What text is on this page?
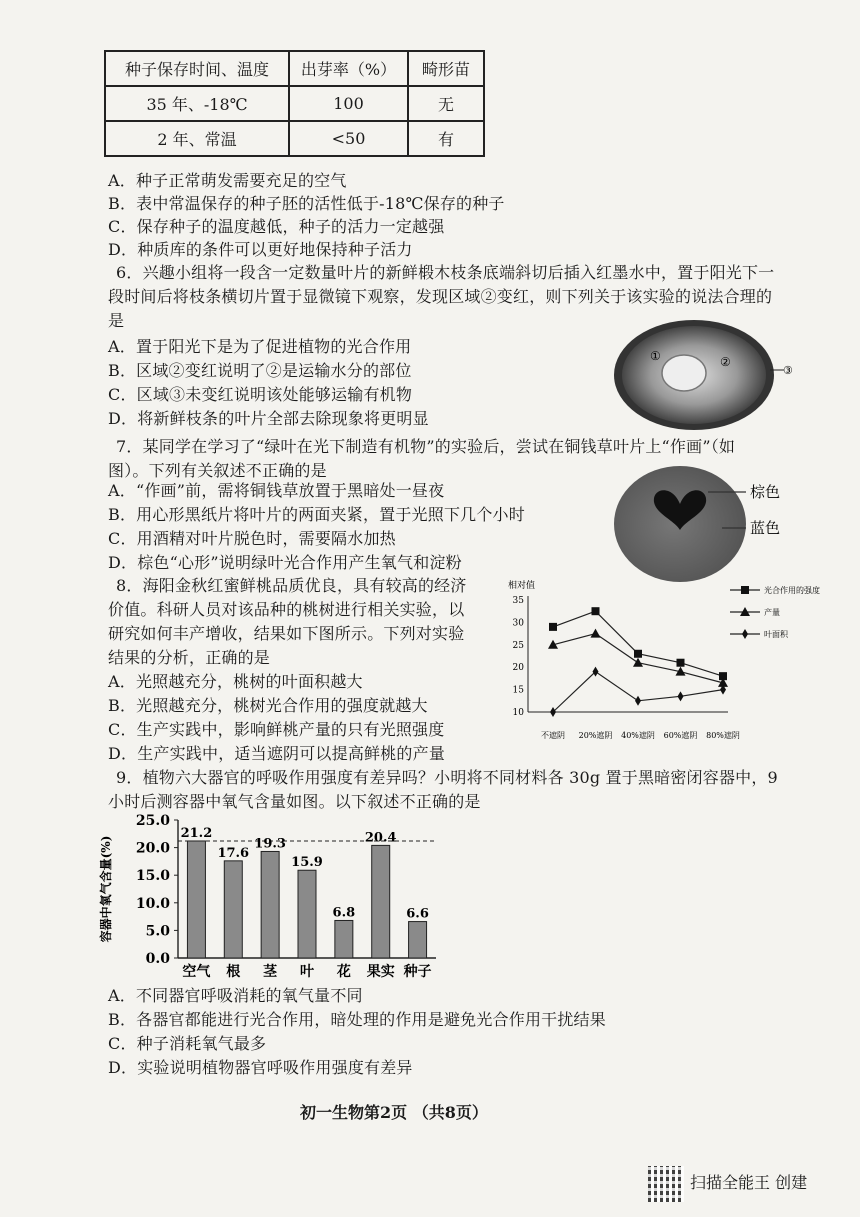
种子保存时间、温度	出芽率（%）	畸形苗
35 年、-18℃	100	无
2 年、常温	<50	有
A．种子正常萌发需要充足的空气
B．表中常温保存的种子胚的活性低于-18℃保存的种子
C．保存种子的温度越低，种子的活力一定越强
D．种质库的条件可以更好地保持种子活力
6．兴趣小组将一段含一定数量叶片的新鲜椴木枝条底端斜切后插入红墨水中，置于阳光下一
段时间后将枝条横切片置于显微镜下观察，发现区域②变红，则下列关于该实验的说法合理的
是
A．置于阳光下是为了促进植物的光合作用
B．区域②变红说明了②是运输水分的部位
C．区域③未变红说明该处能够运输有机物
D．将新鲜枝条的叶片全部去除现象将更明显
①	②
③
7．某同学在学习了“绿叶在光下制造有机物”的实验后，尝试在铜钱草叶片上“作画”（如
图）。下列有关叙述不正确的是
A．“作画”前，需将铜钱草放置于黑暗处一昼夜
B．用心形黑纸片将叶片的两面夹紧，置于光照下几个小时
C．用酒精对叶片脱色时，需要隔水加热
D．棕色“心形”说明绿叶光合作用产生氧气和淀粉
棕色
蓝色
8．海阳金秋红蜜鲜桃品质优良，具有较高的经济
价值。科研人员对该品种的桃树进行相关实验，以
研究如何丰产增收，结果如下图所示。下列对实验
结果的分析，正确的是
A．光照越充分，桃树的叶面积越大
B．光照越充分，桃树光合作用的强度就越大
C．生产实践中，影响鲜桃产量的只有光照强度
D．生产实践中，适当遮阴可以提高鲜桃的产量
相对值
10
15
20
25
30
35
不遮阴 20%遮阴 40%遮阴 60%遮阴 80%遮阴
光合作用的强度
产量
叶面积
9．植物六大器官的呼吸作用强度有差异吗？小明将不同材料各 30g 置于黑暗密闭容器中，9
小时后测容器中氧气含量如图。以下叙述不正确的是
容器中氧气含量(%)
0.0
5.0
10.0
15.0
20.0
25.0
空气 根 茎 叶 花 果实 种子
21.2
17.6
19.3
15.9
6.8
20.4
6.6
A．不同器官呼吸消耗的氧气量不同
B．各器官都能进行光合作用，暗处理的作用是避免光合作用干扰结果
C．种子消耗氧气最多
D．实验说明植物器官呼吸作用强度有差异
初一生物第2页 （共8页）
扫描全能王 创建
